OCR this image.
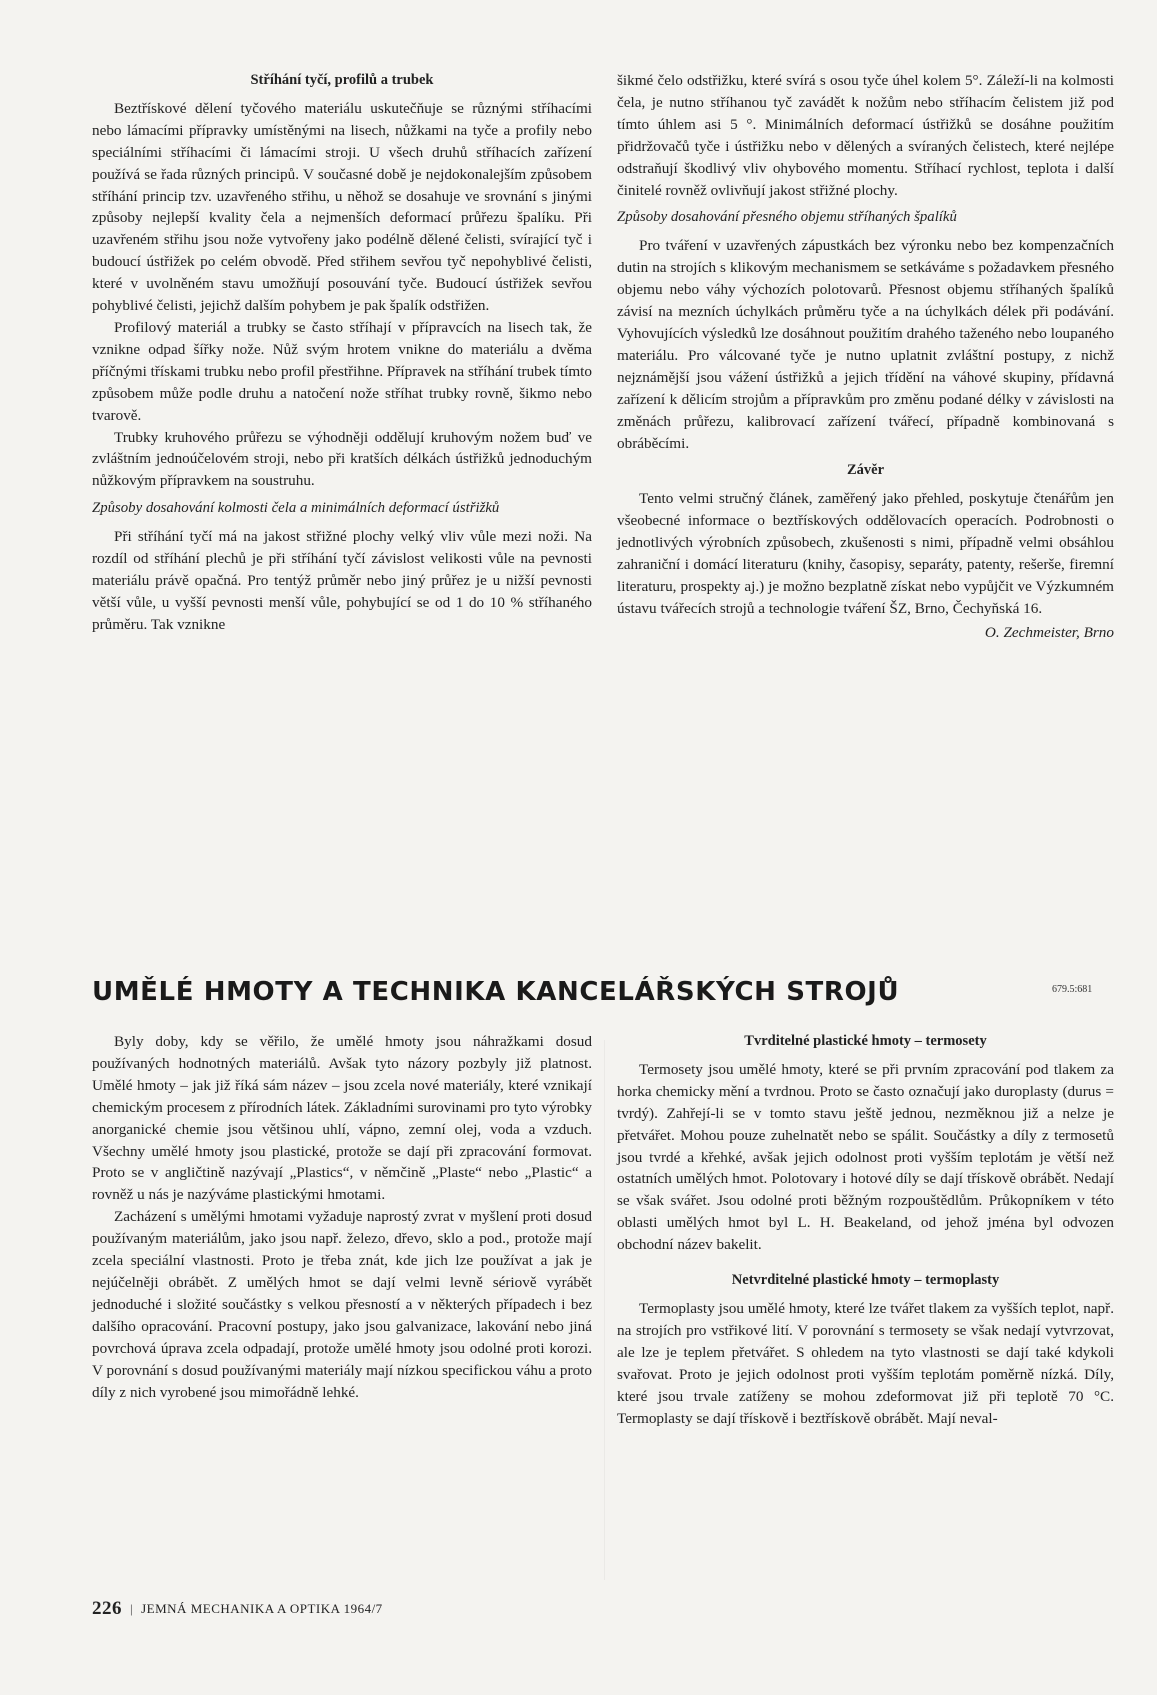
Stříhání tyčí, profilů a trubek

Beztřískové dělení tyčového materiálu uskutečňuje se různými stříhacími nebo lámacími přípravky umístěnými na lisech, nůžkami na tyče a profily nebo speciálními stříhacími či lámacími stroji. U všech druhů stříhacích zařízení používá se řada různých principů. V současné době je nejdokonalejším způsobem stříhání princip tzv. uzavřeného střihu, u něhož se dosahuje ve srovnání s jinými způsoby nejlepší kvality čela a nejmenších deformací průřezu špalíku. Při uzavřeném střihu jsou nože vytvořeny jako podélně dělené čelisti, svírající tyč i budoucí ústřižek po celém obvodě. Před střihem sevřou tyč nepohyblivé čelisti, které v uvolněném stavu umožňují posouvání tyče. Budoucí ústřižek sevřou pohyblivé čelisti, jejichž dalším pohybem je pak špalík odstřižen.

Profilový materiál a trubky se často stříhají v přípravcích na lisech tak, že vznikne odpad šířky nože. Nůž svým hrotem vnikne do materiálu a dvěma příčnými třískami trubku nebo profil přestřihne. Přípravek na stříhání trubek tímto způsobem může podle druhu a natočení nože stříhat trubky rovně, šikmo nebo tvarově.

Trubky kruhového průřezu se výhodněji oddělují kruhovým nožem buď ve zvláštním jednoúčelovém stroji, nebo při kratších délkách ústřižků jednoduchým nůžkovým přípravkem na soustruhu.

Způsoby dosahování kolmosti čela a minimálních deformací ústřižků

Při stříhání tyčí má na jakost střižné plochy velký vliv vůle mezi noži. Na rozdíl od stříhání plechů je při stříhání tyčí závislost velikosti vůle na pevnosti materiálu právě opačná. Pro tentýž průměr nebo jiný průřez je u nižší pevnosti větší vůle, u vyšší pevnosti menší vůle, pohybující se od 1 do 10 % stříhaného průměru. Tak vznikne

šikmé čelo odstřižku, které svírá s osou tyče úhel kolem 5°. Záleží-li na kolmosti čela, je nutno stříhanou tyč zavádět k nožům nebo stříhacím čelistem již pod tímto úhlem asi 5 °. Minimálních deformací ústřižků se dosáhne použitím přidržovačů tyče i ústřižku nebo v dělených a svíraných čelistech, které nejlépe odstraňují škodlivý vliv ohybového momentu. Stříhací rychlost, teplota i další činitelé rovněž ovlivňují jakost střižné plochy.

Způsoby dosahování přesného objemu stříhaných špalíků

Pro tváření v uzavřených zápustkách bez výronku nebo bez kompenzačních dutin na strojích s klikovým mechanismem se setkáváme s požadavkem přesného objemu nebo váhy výchozích polotovarů. Přesnost objemu stříhaných špalíků závisí na mezních úchylkách průměru tyče a na úchylkách délek při podávání. Vyhovujících výsledků lze dosáhnout použitím drahého taženého nebo loupaného materiálu. Pro válcované tyče je nutno uplatnit zvláštní postupy, z nichž nejznámější jsou vážení ústřižků a jejich třídění na váhové skupiny, přídavná zařízení k dělicím strojům a přípravkům pro změnu podané délky v závislosti na změnách průřezu, kalibrovací zařízení tvářecí, případně kombinovaná s obráběcími.

Závěr

Tento velmi stručný článek, zaměřený jako přehled, poskytuje čtenářům jen všeobecné informace o beztřískových oddělovacích operacích. Podrobnosti o jednotlivých výrobních způsobech, zkušenosti s nimi, případně velmi obsáhlou zahraniční i domácí literaturu (knihy, časopisy, separáty, patenty, rešerše, firemní literaturu, prospekty aj.) je možno bezplatně získat nebo vypůjčit ve Výzkumném ústavu tvářecích strojů a technologie tváření ŠZ, Brno, Čechyňská 16.

O. Zechmeister, Brno
UMĚLÉ HMOTY A TECHNIKA KANCELÁŘSKÝCH STROJŮ	679.5:681

Byly doby, kdy se věřilo, že umělé hmoty jsou náhražkami dosud používaných hodnotných materiálů. Avšak tyto názory pozbyly již platnost. Umělé hmoty – jak již říká sám název – jsou zcela nové materiály, které vznikají chemickým procesem z přírodních látek. Základními surovinami pro tyto výrobky anorganické chemie jsou většinou uhlí, vápno, zemní olej, voda a vzduch. Všechny umělé hmoty jsou plastické, protože se dají při zpracování formovat. Proto se v angličtině nazývají „Plastics“, v němčině „Plaste“ nebo „Plastic“ a rovněž u nás je nazýváme plastickými hmotami.

Zacházení s umělými hmotami vyžaduje naprostý zvrat v myšlení proti dosud používaným materiálům, jako jsou např. železo, dřevo, sklo a pod., protože mají zcela speciální vlastnosti. Proto je třeba znát, kde jich lze používat a jak je nejúčelněji obrábět. Z umělých hmot se dají velmi levně sériově vyrábět jednoduché i složité součástky s velkou přesností a v některých případech i bez dalšího opracování. Pracovní postupy, jako jsou galvanizace, lakování nebo jiná povrchová úprava zcela odpadají, protože umělé hmoty jsou odolné proti korozi. V porovnání s dosud používanými materiály mají nízkou specifickou váhu a proto díly z nich vyrobené jsou mimořádně lehké.

Tvrditelné plastické hmoty – termosety

Termosety jsou umělé hmoty, které se při prvním zpracování pod tlakem za horka chemicky mění a tvrdnou. Proto se často označují jako duroplasty (durus = tvrdý). Zahřejí-li se v tomto stavu ještě jednou, nezměknou již a nelze je přetvářet. Mohou pouze zuhelnatět nebo se spálit. Součástky a díly z termosetů jsou tvrdé a křehké, avšak jejich odolnost proti vyšším teplotám je větší než ostatních umělých hmot. Polotovary i hotové díly se dají třískově obrábět. Nedají se však svářet. Jsou odolné proti běžným rozpouštědlům. Průkopníkem v této oblasti umělých hmot byl L. H. Beakeland, od jehož jména byl odvozen obchodní název bakelit.

Netvrditelné plastické hmoty – termoplasty

Termoplasty jsou umělé hmoty, které lze tvářet tlakem za vyšších teplot, např. na strojích pro vstřikové lití. V porovnání s termosety se však nedají vytvrzovat, ale lze je teplem přetvářet. S ohledem na tyto vlastnosti se dají také kdykoli svařovat. Proto je jejich odolnost proti vyšším teplotám poměrně nízká. Díly, které jsou trvale zatíženy se mohou zdeformovat již při teplotě 70 °C. Termoplasty se dají třískově i beztřískově obrábět. Mají neval-

226 | JEMNÁ MECHANIKA A OPTIKA 1964/7
